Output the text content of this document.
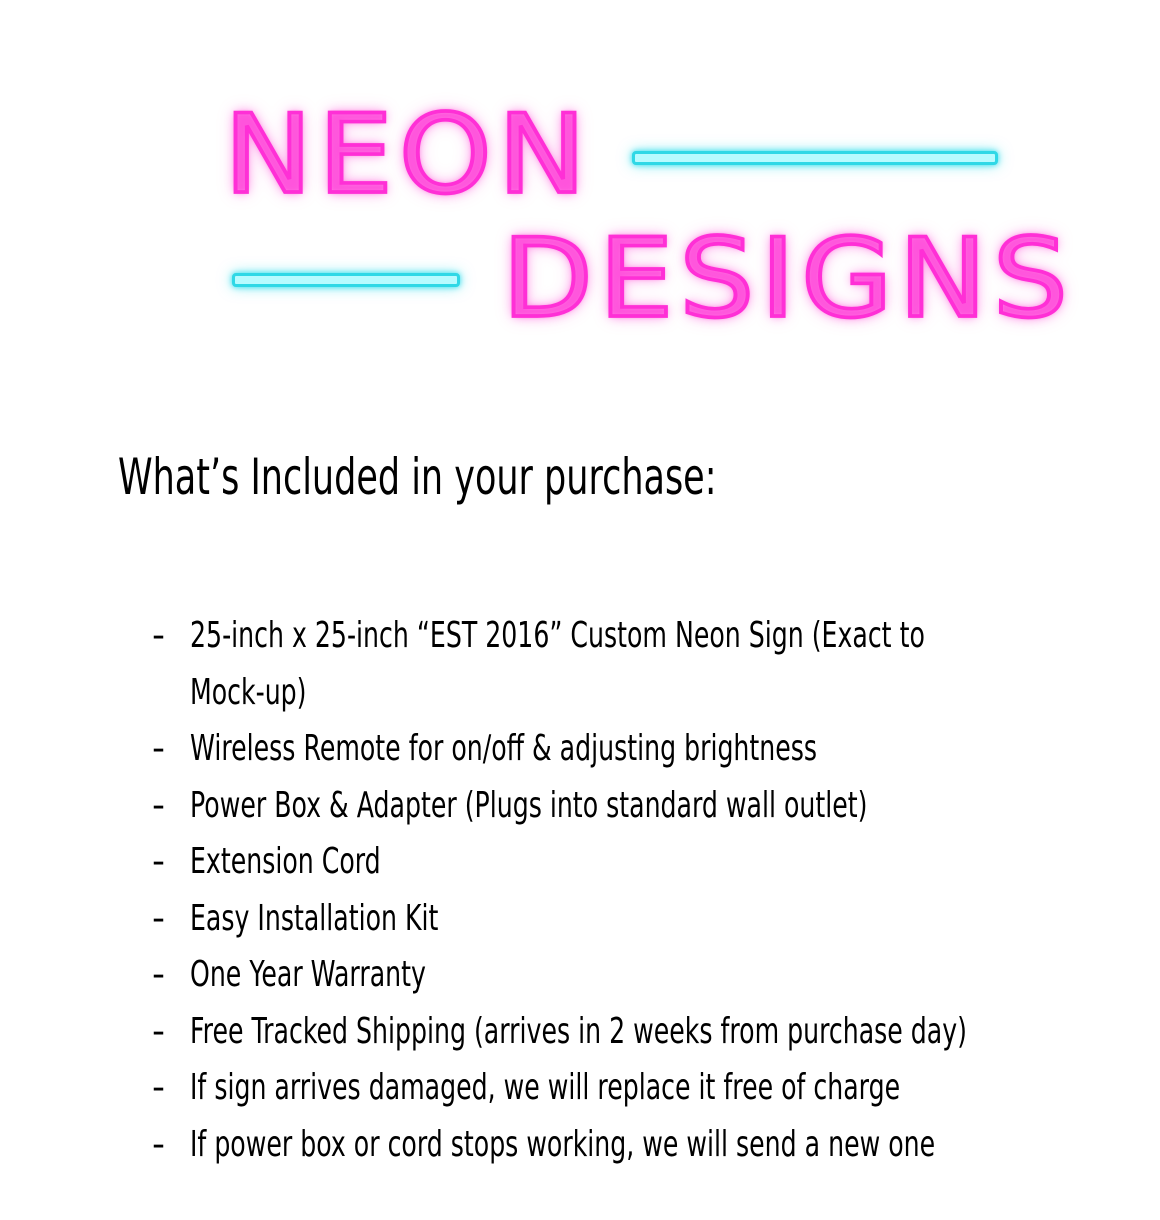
NEON
DESIGNS
What’s Included in your purchase:
- 25-inch x 25-inch “EST 2016” Custom Neon Sign (Exact to Mock-up)
- Wireless Remote for on/off & adjusting brightness
- Power Box & Adapter (Plugs into standard wall outlet)
- Extension Cord
- Easy Installation Kit
- One Year Warranty
- Free Tracked Shipping (arrives in 2 weeks from purchase day)
- If sign arrives damaged, we will replace it free of charge
- If power box or cord stops working, we will send a new one
